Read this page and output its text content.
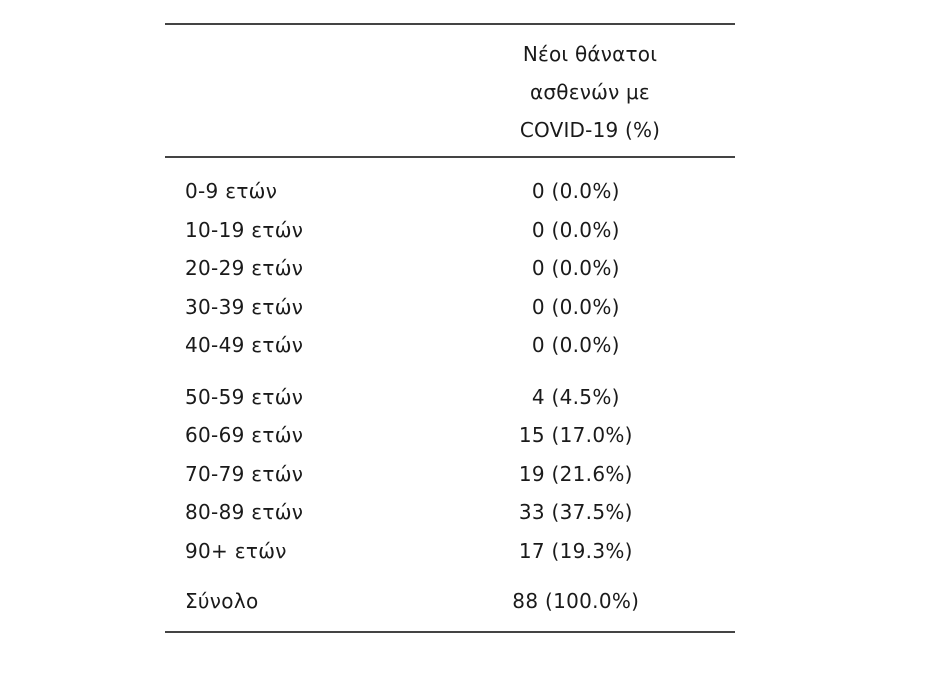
Νέοι θάνατοι
ασθενών με
COVID-19 (%)
0-9 ετών	0 (0.0%)
10-19 ετών	0 (0.0%)
20-29 ετών	0 (0.0%)
30-39 ετών	0 (0.0%)
40-49 ετών	0 (0.0%)
50-59 ετών	4 (4.5%)
60-69 ετών	15 (17.0%)
70-79 ετών	19 (21.6%)
80-89 ετών	33 (37.5%)
90+ ετών	17 (19.3%)
Σύνολο	88 (100.0%)
